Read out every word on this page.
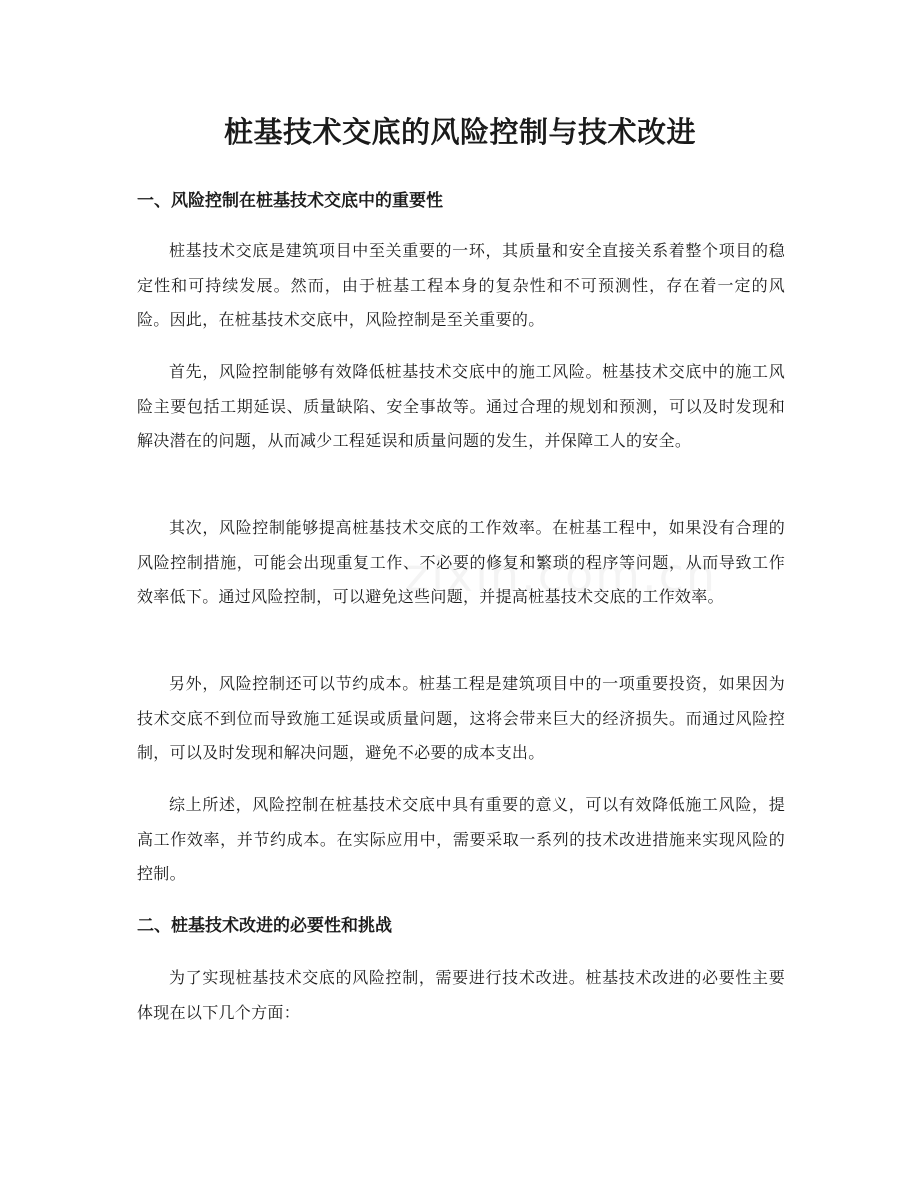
桩基技术交底的风险控制与技术改进
一、风险控制在桩基技术交底中的重要性

桩基技术交底是建筑项目中至关重要的一环，其质量和安全直接关系着整个项目的稳定性和可持续发展。然而，由于桩基工程本身的复杂性和不可预测性，存在着一定的风险。因此，在桩基技术交底中，风险控制是至关重要的。

首先，风险控制能够有效降低桩基技术交底中的施工风险。桩基技术交底中的施工风险主要包括工期延误、质量缺陷、安全事故等。通过合理的规划和预测，可以及时发现和解决潜在的问题，从而减少工程延误和质量问题的发生，并保障工人的安全。

其次，风险控制能够提高桩基技术交底的工作效率。在桩基工程中，如果没有合理的风险控制措施，可能会出现重复工作、不必要的修复和繁琐的程序等问题，从而导致工作效率低下。通过风险控制，可以避免这些问题，并提高桩基技术交底的工作效率。

另外，风险控制还可以节约成本。桩基工程是建筑项目中的一项重要投资，如果因为技术交底不到位而导致施工延误或质量问题，这将会带来巨大的经济损失。而通过风险控制，可以及时发现和解决问题，避免不必要的成本支出。

综上所述，风险控制在桩基技术交底中具有重要的意义，可以有效降低施工风险，提高工作效率，并节约成本。在实际应用中，需要采取一系列的技术改进措施来实现风险的控制。

二、桩基技术改进的必要性和挑战

为了实现桩基技术交底的风险控制，需要进行技术改进。桩基技术改进的必要性主要体现在以下几个方面：
